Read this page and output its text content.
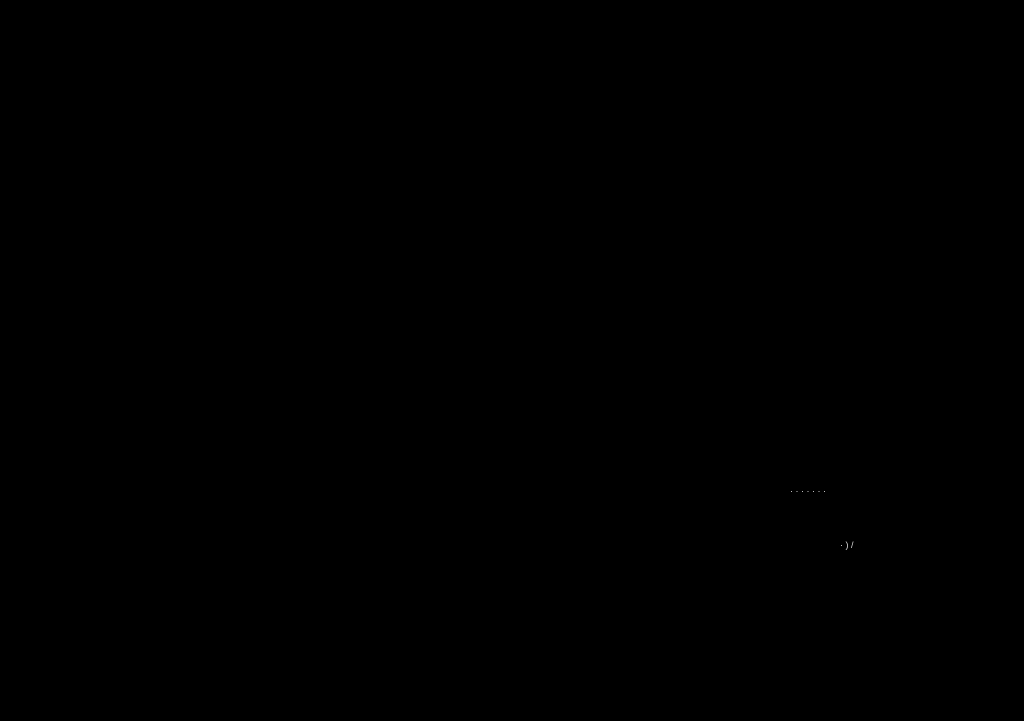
· · · · · · ·
· ) /
